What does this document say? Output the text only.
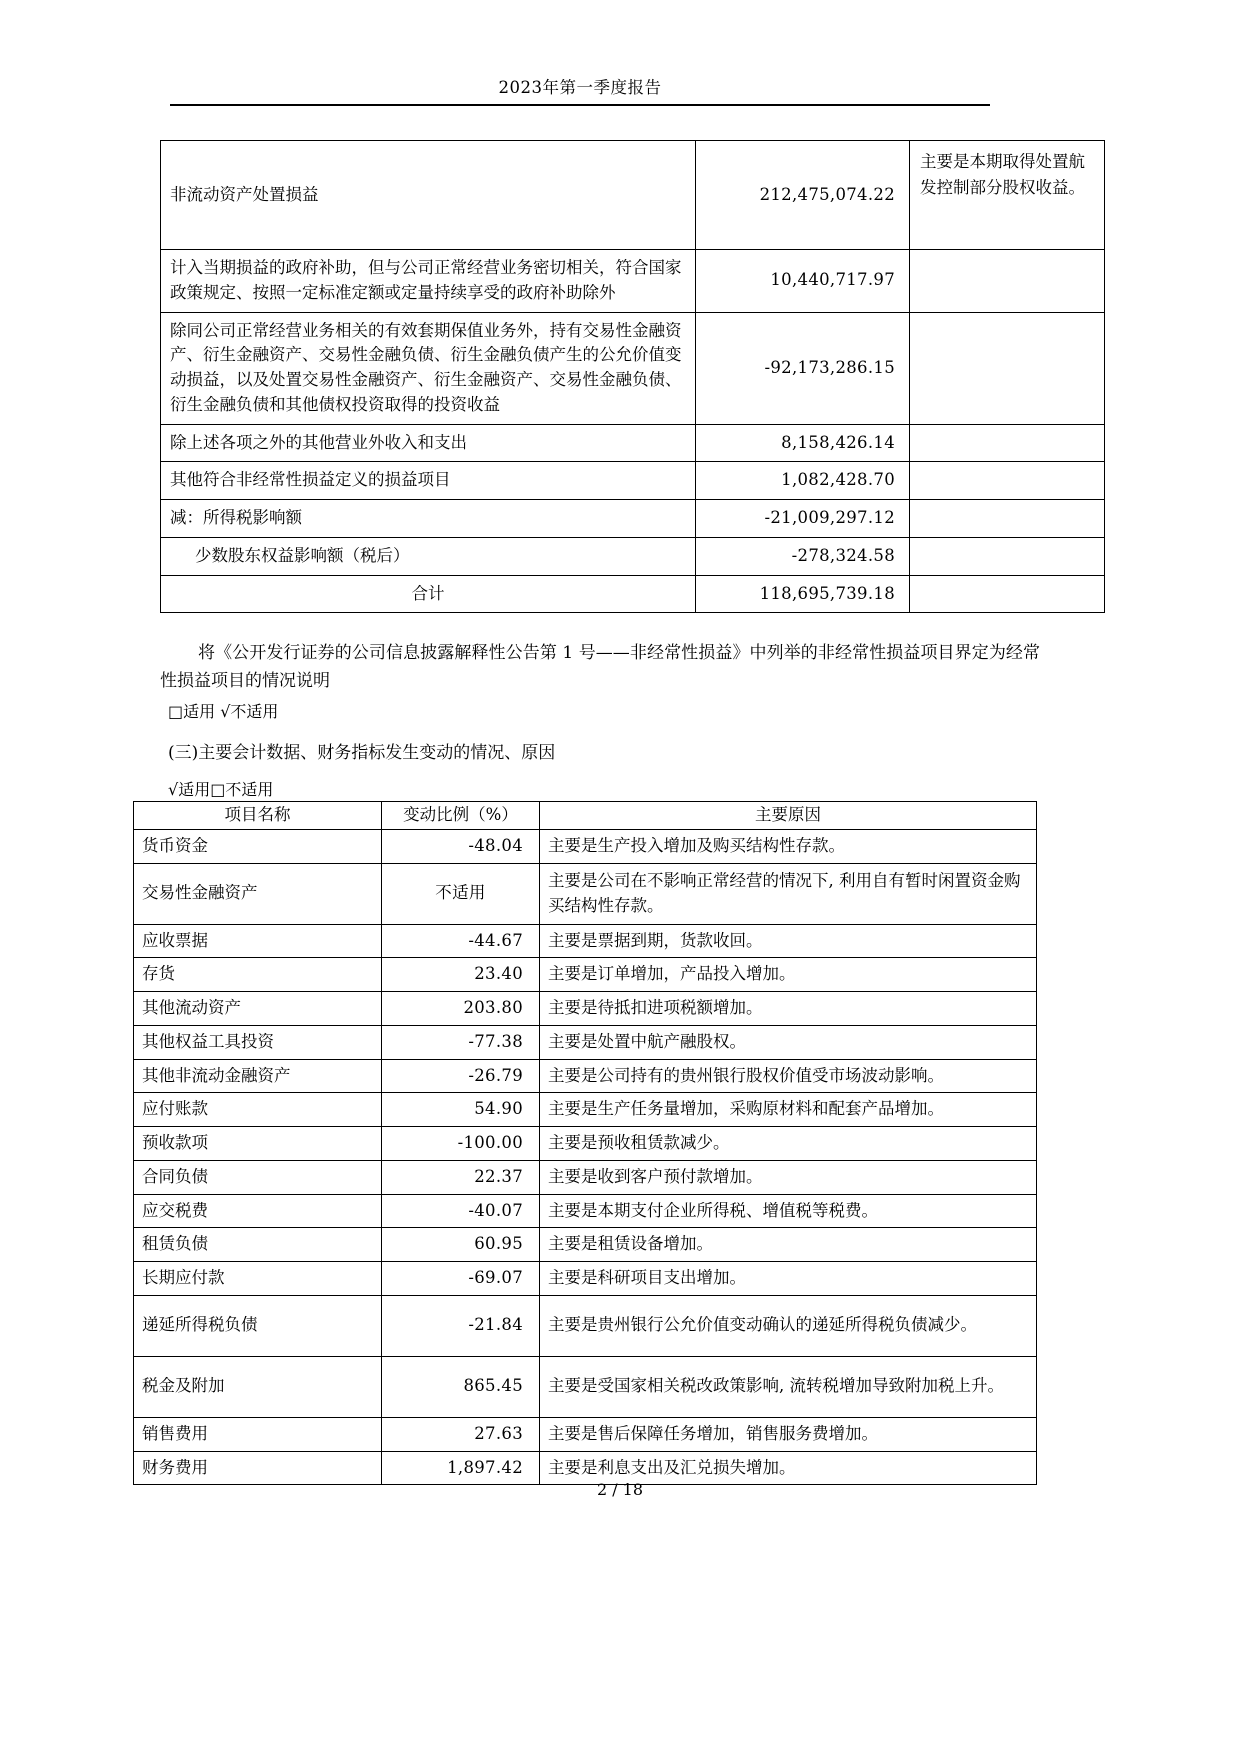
2023年第一季度报告
非流动资产处置损益	212,475,074.22	主要是本期取得处置航发控制部分股权收益。
计入当期损益的政府补助，但与公司正常经营业务密切相关，符合国家政策规定、按照一定标准定额或定量持续享受的政府补助除外	10,440,717.97	
除同公司正常经营业务相关的有效套期保值业务外，持有交易性金融资产、衍生金融资产、交易性金融负债、衍生金融负债产生的公允价值变动损益，以及处置交易性金融资产、衍生金融资产、交易性金融负债、衍生金融负债和其他债权投资取得的投资收益	-92,173,286.15	
除上述各项之外的其他营业外收入和支出	8,158,426.14	
其他符合非经常性损益定义的损益项目	1,082,428.70	
减：所得税影响额	-21,009,297.12	
少数股东权益影响额（税后）	-278,324.58	
合计	118,695,739.18	
将《公开发行证券的公司信息披露解释性公告第 1 号——非经常性损益》中列举的非经常性损益项目界定为经常性损益项目的情况说明
□适用 √不适用
(三)主要会计数据、财务指标发生变动的情况、原因
√适用□不适用
项目名称	变动比例（%）	主要原因
货币资金	-48.04	主要是生产投入增加及购买结构性存款。
交易性金融资产	不适用	主要是公司在不影响正常经营的情况下, 利用自有暂时闲置资金购买结构性存款。
应收票据	-44.67	主要是票据到期，货款收回。
存货	23.40	主要是订单增加，产品投入增加。
其他流动资产	203.80	主要是待抵扣进项税额增加。
其他权益工具投资	-77.38	主要是处置中航产融股权。
其他非流动金融资产	-26.79	主要是公司持有的贵州银行股权价值受市场波动影响。
应付账款	54.90	主要是生产任务量增加，采购原材料和配套产品增加。
预收款项	-100.00	主要是预收租赁款减少。
合同负债	22.37	主要是收到客户预付款增加。
应交税费	-40.07	主要是本期支付企业所得税、增值税等税费。
租赁负债	60.95	主要是租赁设备增加。
长期应付款	-69.07	主要是科研项目支出增加。
递延所得税负债	-21.84	主要是贵州银行公允价值变动确认的递延所得税负债减少。
税金及附加	865.45	主要是受国家相关税改政策影响, 流转税增加导致附加税上升。
销售费用	27.63	主要是售后保障任务增加，销售服务费增加。
财务费用	1,897.42	主要是利息支出及汇兑损失增加。
2 / 18
